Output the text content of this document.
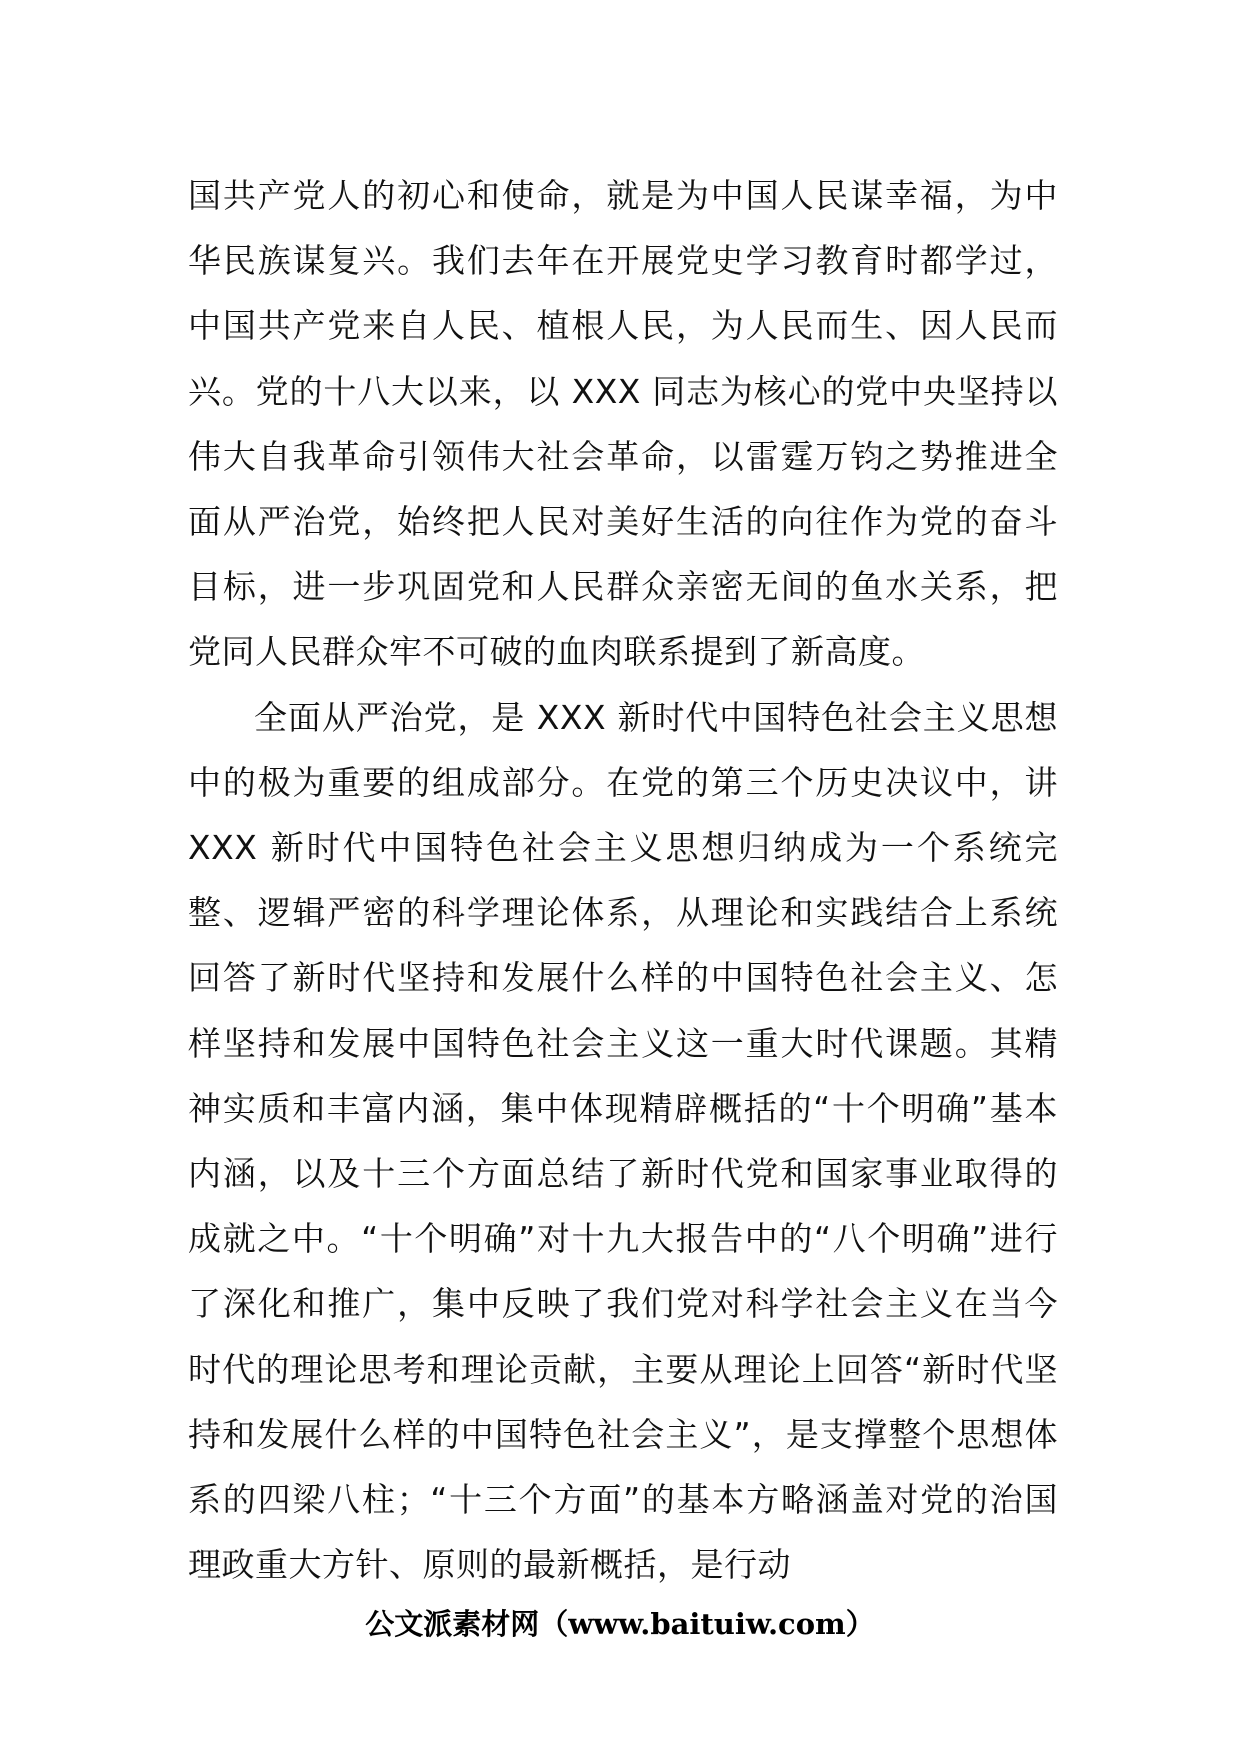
国共产党人的初心和使命，就是为中国人民谋幸福，为中华民族谋复兴。我们去年在开展党史学习教育时都学过，中国共产党来自人民、植根人民，为人民而生、因人民而兴。党的十八大以来，以 XXX 同志为核心的党中央坚持以伟大自我革命引领伟大社会革命，以雷霆万钧之势推进全面从严治党，始终把人民对美好生活的向往作为党的奋斗目标，进一步巩固党和人民群众亲密无间的鱼水关系，把党同人民群众牢不可破的血肉联系提到了新高度。

全面从严治党，是 XXX 新时代中国特色社会主义思想中的极为重要的组成部分。在党的第三个历史决议中，讲 XXX 新时代中国特色社会主义思想归纳成为一个系统完整、逻辑严密的科学理论体系，从理论和实践结合上系统回答了新时代坚持和发展什么样的中国特色社会主义、怎样坚持和发展中国特色社会主义这一重大时代课题。其精神实质和丰富内涵，集中体现精辟概括的“十个明确”基本内涵，以及十三个方面总结了新时代党和国家事业取得的成就之中。“十个明确”对十九大报告中的“八个明确”进行了深化和推广，集中反映了我们党对科学社会主义在当今时代的理论思考和理论贡献，主要从理论上回答“新时代坚持和发展什么样的中国特色社会主义”，是支撑整个思想体系的四梁八柱；“十三个方面”的基本方略涵盖对党的治国理政重大方针、原则的最新概括，是行动

公文派素材网（www.baituiw.com）
